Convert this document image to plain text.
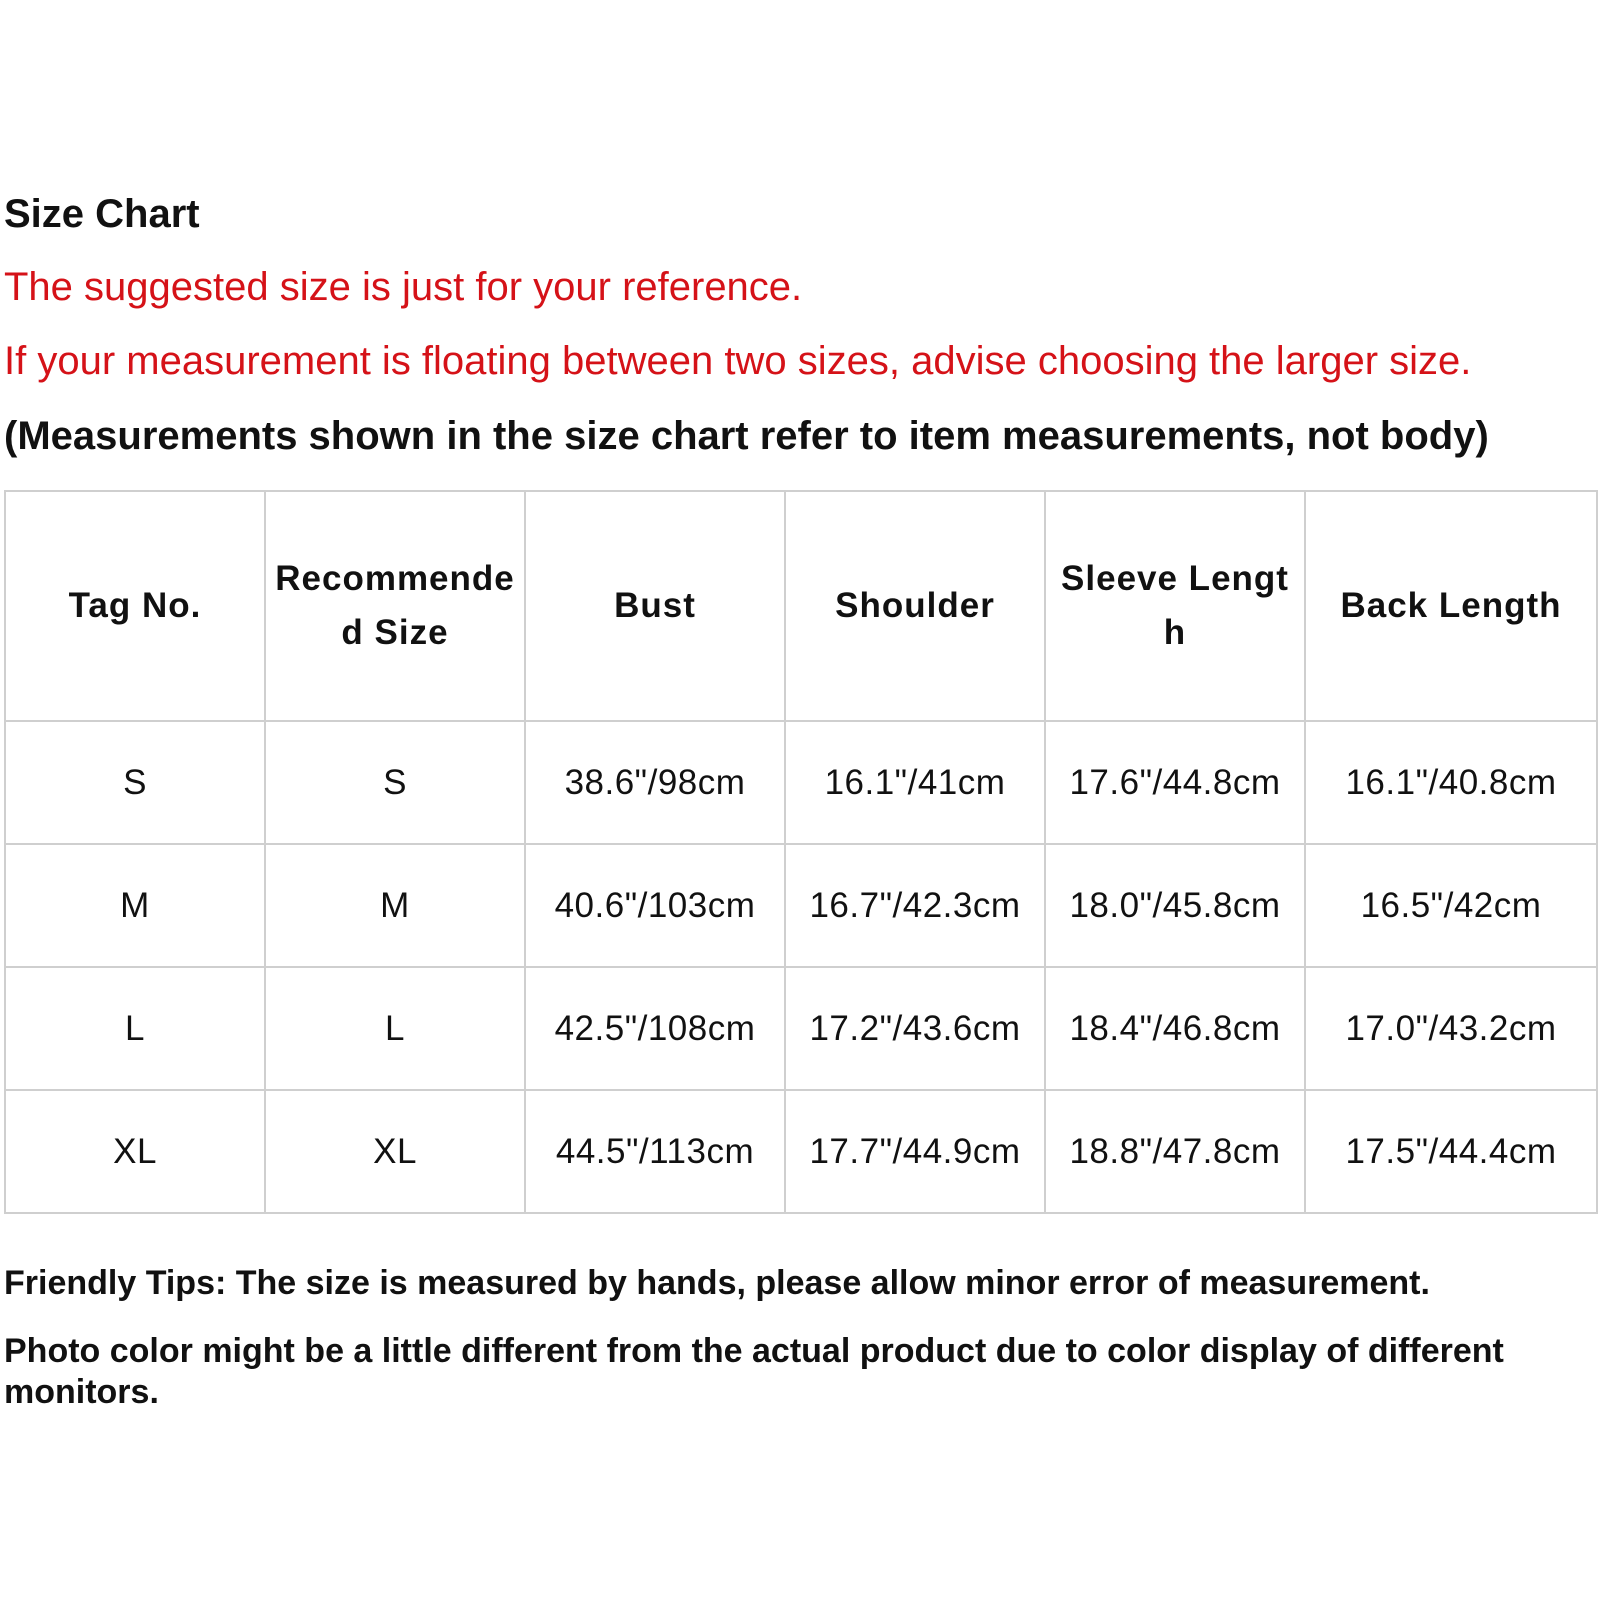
Size Chart
The suggested size is just for your reference.
If your measurement is floating between two sizes, advise choosing the larger size.
(Measurements shown in the size chart refer to item measurements, not body)
Tag No.	Recommended Size	Bust	Shoulder	Sleeve Length	Back Length

S	S	38.6"/98cm	16.1"/41cm	17.6"/44.8cm	16.1"/40.8cm
M	M	40.6"/103cm	16.7"/42.3cm	18.0"/45.8cm	16.5"/42cm
L	L	42.5"/108cm	17.2"/43.6cm	18.4"/46.8cm	17.0"/43.2cm
XL	XL	44.5"/113cm	17.7"/44.9cm	18.8"/47.8cm	17.5"/44.4cm
Friendly Tips: The size is measured by hands, please allow minor error of measurement.
Photo color might be a little different from the actual product due to color display of different monitors.
